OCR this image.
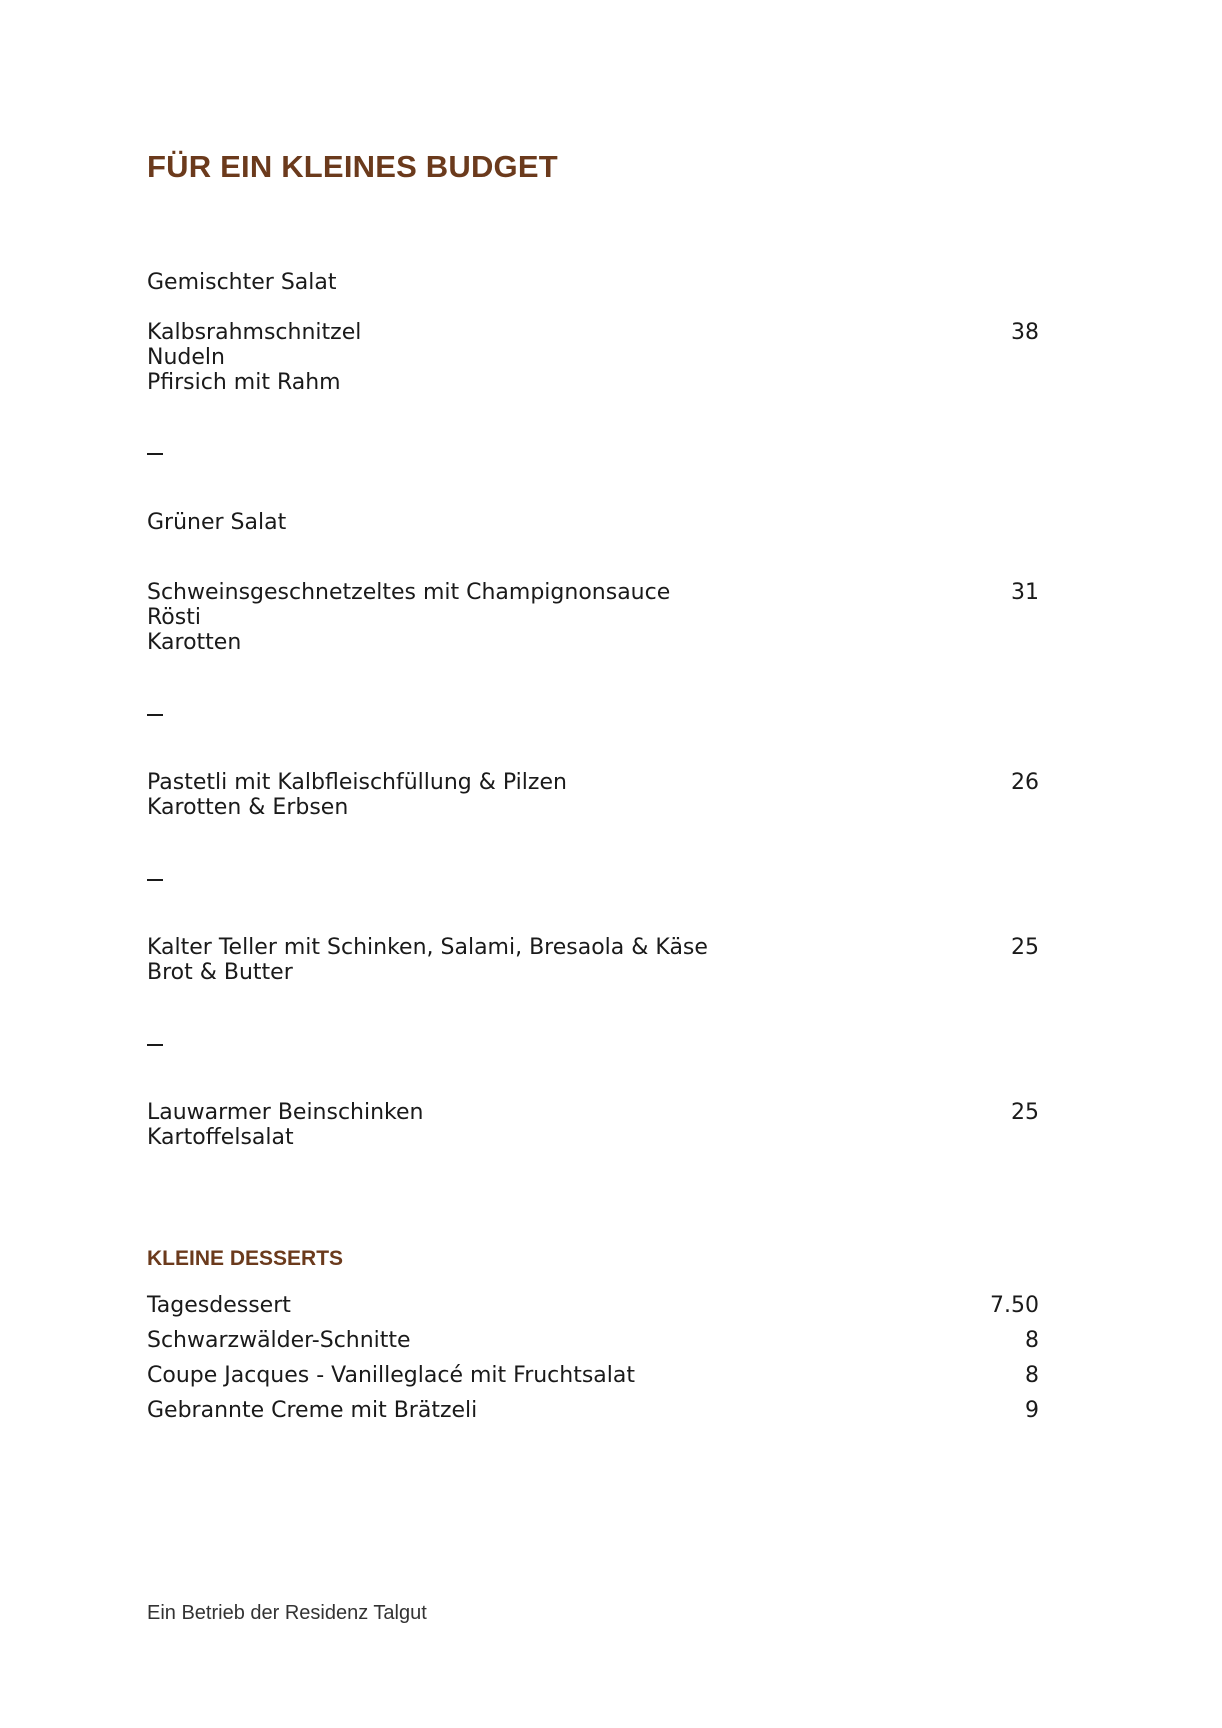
FÜR EIN KLEINES BUDGET
Gemischter Salat
Kalbsrahmschnitzel	38
Nudeln
Pfirsich mit Rahm
Grüner Salat
Schweinsgeschnetzeltes mit Champignonsauce	31
Rösti
Karotten
Pastetli mit Kalbfleischfüllung & Pilzen	26
Karotten & Erbsen
Kalter Teller mit Schinken, Salami, Bresaola & Käse	25
Brot & Butter
Lauwarmer Beinschinken	25
Kartoffelsalat
KLEINE DESSERTS
Tagesdessert	7.50
Schwarzwälder-Schnitte	8
Coupe Jacques - Vanilleglacé mit Fruchtsalat	8
Gebrannte Creme mit Brätzeli	9
Ein Betrieb der Residenz Talgut
